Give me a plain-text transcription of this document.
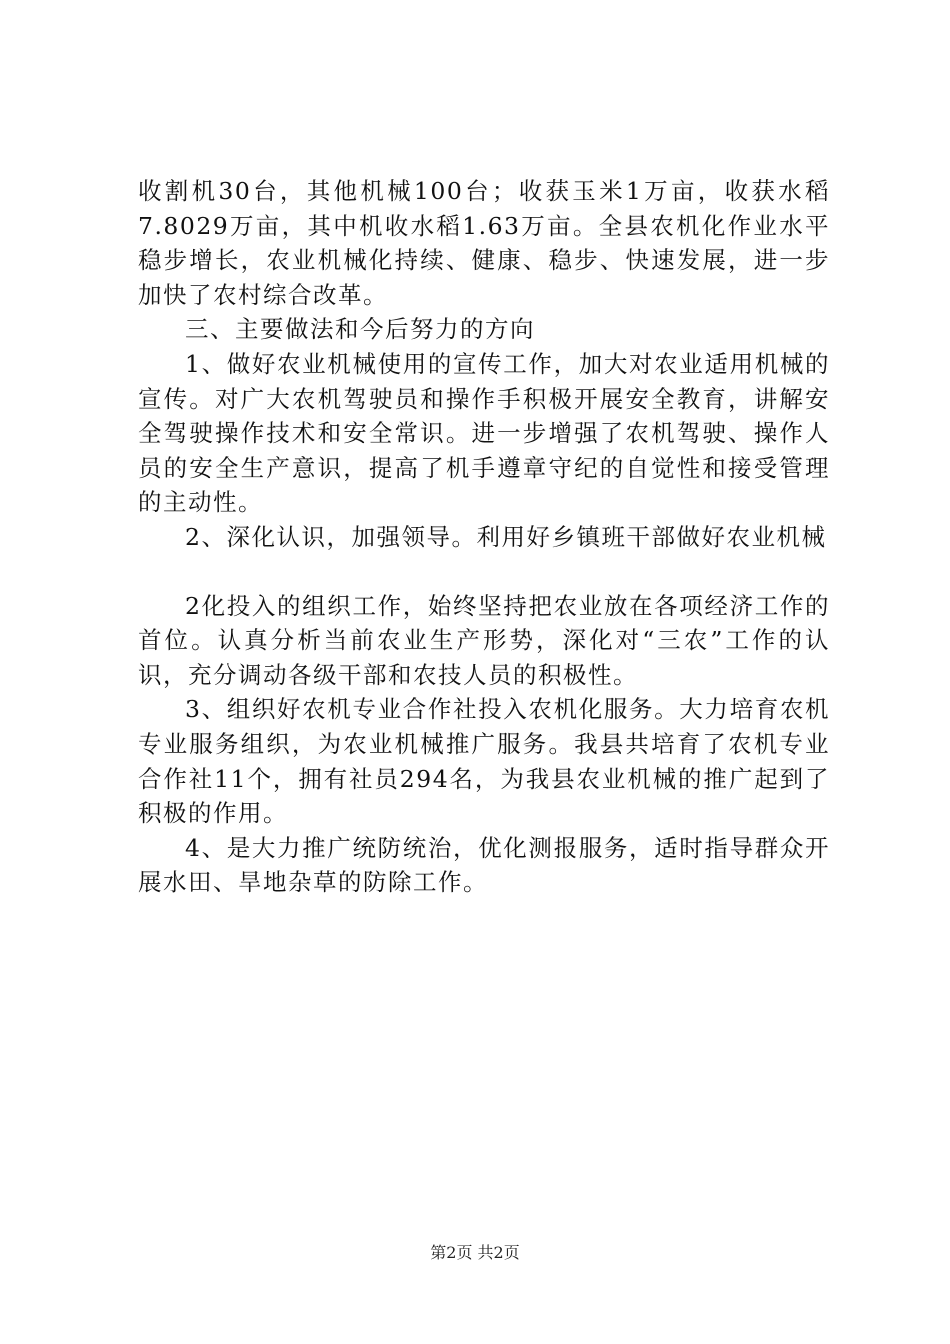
收割机30台，其他机械100台；收获玉米1万亩，收获水稻7.8029万亩，其中机收水稻1.63万亩。全县农机化作业水平稳步增长，农业机械化持续、健康、稳步、快速发展，进一步加快了农村综合改革。

三、主要做法和今后努力的方向

1、做好农业机械使用的宣传工作，加大对农业适用机械的宣传。对广大农机驾驶员和操作手积极开展安全教育，讲解安全驾驶操作技术和安全常识。进一步增强了农机驾驶、操作人员的安全生产意识，提高了机手遵章守纪的自觉性和接受管理的主动性。

2、深化认识，加强领导。利用好乡镇班干部做好农业机械

2化投入的组织工作，始终坚持把农业放在各项经济工作的首位。认真分析当前农业生产形势，深化对“三农”工作的认识，充分调动各级干部和农技人员的积极性。

3、组织好农机专业合作社投入农机化服务。大力培育农机专业服务组织，为农业机械推广服务。我县共培育了农机专业合作社11个，拥有社员294名，为我县农业机械的推广起到了积极的作用。

4、是大力推广统防统治，优化测报服务，适时指导群众开展水田、旱地杂草的防除工作。

第2页 共2页
